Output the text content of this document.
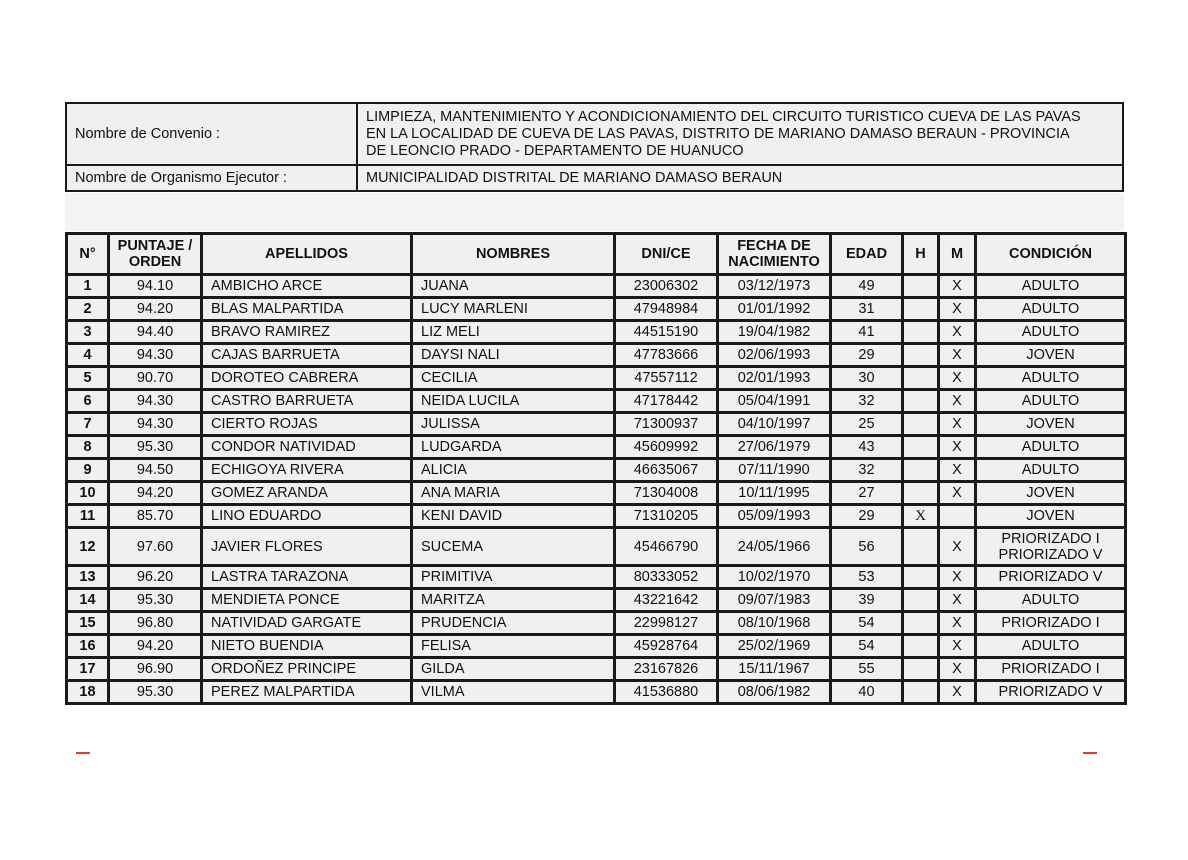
Nombre de Convenio :	LIMPIEZA, MANTENIMIENTO Y ACONDICIONAMIENTO DEL CIRCUITO TURISTICO CUEVA DE LAS PAVAS
EN LA LOCALIDAD DE CUEVA DE LAS PAVAS, DISTRITO DE MARIANO DAMASO BERAUN - PROVINCIA
DE LEONCIO PRADO - DEPARTAMENTO DE HUANUCO

Nombre de Organismo Ejecutor :	MUNICIPALIDAD DISTRITAL DE MARIANO DAMASO BERAUN
N°	PUNTAJE / ORDEN	APELLIDOS	NOMBRES	DNI/CE	FECHA DE NACIMIENTO	EDAD	H	M	CONDICIÓN
1	94.10	AMBICHO ARCE	JUANA	23006302	03/12/1973	49		X	ADULTO
2	94.20	BLAS MALPARTIDA	LUCY MARLENI	47948984	01/01/1992	31		X	ADULTO
3	94.40	BRAVO RAMIREZ	LIZ MELI	44515190	19/04/1982	41		X	ADULTO
4	94.30	CAJAS BARRUETA	DAYSI NALI	47783666	02/06/1993	29		X	JOVEN
5	90.70	DOROTEO CABRERA	CECILIA	47557112	02/01/1993	30		X	ADULTO
6	94.30	CASTRO BARRUETA	NEIDA LUCILA	47178442	05/04/1991	32		X	ADULTO
7	94.30	CIERTO ROJAS	JULISSA	71300937	04/10/1997	25		X	JOVEN
8	95.30	CONDOR NATIVIDAD	LUDGARDA	45609992	27/06/1979	43		X	ADULTO
9	94.50	ECHIGOYA RIVERA	ALICIA	46635067	07/11/1990	32		X	ADULTO
10	94.20	GOMEZ ARANDA	ANA MARIA	71304008	10/11/1995	27		X	JOVEN
11	85.70	LINO EDUARDO	KENI DAVID	71310205	05/09/1993	29	X		JOVEN
12	97.60	JAVIER FLORES	SUCEMA	45466790	24/05/1966	56		X	PRIORIZADO I
PRIORIZADO V

13	96.20	LASTRA TARAZONA	PRIMITIVA	80333052	10/02/1970	53		X	PRIORIZADO V
14	95.30	MENDIETA PONCE	MARITZA	43221642	09/07/1983	39		X	ADULTO
15	96.80	NATIVIDAD GARGATE	PRUDENCIA	22998127	08/10/1968	54		X	PRIORIZADO I
16	94.20	NIETO BUENDIA	FELISA	45928764	25/02/1969	54		X	ADULTO
17	96.90	ORDOÑEZ PRINCIPE	GILDA	23167826	15/11/1967	55		X	PRIORIZADO I
18	95.30	PEREZ MALPARTIDA	VILMA	41536880	08/06/1982	40		X	PRIORIZADO V
